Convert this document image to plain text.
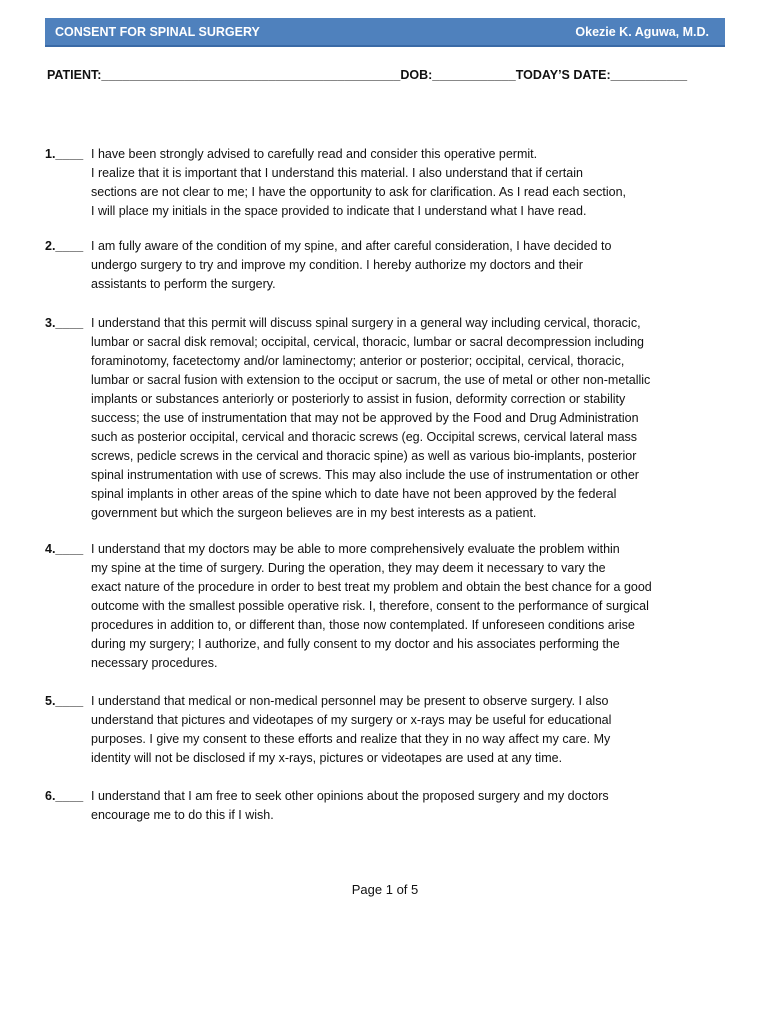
CONSENT FOR SPINAL SURGERY	Okezie K. Aguwa, M.D.
PATIENT:___________________________________________DOB:____________TODAY’S DATE:___________
1.____ I have been strongly advised to carefully read and consider this operative permit.
I realize that it is important that I understand this material. I also understand that if certain
sections are not clear to me; I have the opportunity to ask for clarification. As I read each section,
I will place my initials in the space provided to indicate that I understand what I have read.
2.____ I am fully aware of the condition of my spine, and after careful consideration, I have decided to
undergo surgery to try and improve my condition. I hereby authorize my doctors and their
assistants to perform the surgery.
3.____ I understand that this permit will discuss spinal surgery in a general way including cervical, thoracic,
lumbar or sacral disk removal; occipital, cervical, thoracic, lumbar or sacral decompression including
foraminotomy, facetectomy and/or laminectomy; anterior or posterior; occipital, cervical, thoracic,
lumbar or sacral fusion with extension to the occiput or sacrum, the use of metal or other non-metallic
implants or substances anteriorly or posteriorly to assist in fusion, deformity correction or stability
success; the use of instrumentation that may not be approved by the Food and Drug Administration
such as posterior occipital, cervical and thoracic screws (eg. Occipital screws, cervical lateral mass
screws, pedicle screws in the cervical and thoracic spine) as well as various bio-implants, posterior
spinal instrumentation with use of screws. This may also include the use of instrumentation or other
spinal implants in other areas of the spine which to date have not been approved by the federal
government but which the surgeon believes are in my best interests as a patient.
4.____ I understand that my doctors may be able to more comprehensively evaluate the problem within
my spine at the time of surgery. During the operation, they may deem it necessary to vary the
exact nature of the procedure in order to best treat my problem and obtain the best chance for a good
outcome with the smallest possible operative risk. I, therefore, consent to the performance of surgical
procedures in addition to, or different than, those now contemplated. If unforeseen conditions arise
during my surgery; I authorize, and fully consent to my doctor and his associates performing the
necessary procedures.
5.____ I understand that medical or non-medical personnel may be present to observe surgery. I also
understand that pictures and videotapes of my surgery or x-rays may be useful for educational
purposes. I give my consent to these efforts and realize that they in no way affect my care. My
identity will not be disclosed if my x-rays, pictures or videotapes are used at any time.
6.____ I understand that I am free to seek other opinions about the proposed surgery and my doctors
encourage me to do this if I wish.
Page 1 of 5
